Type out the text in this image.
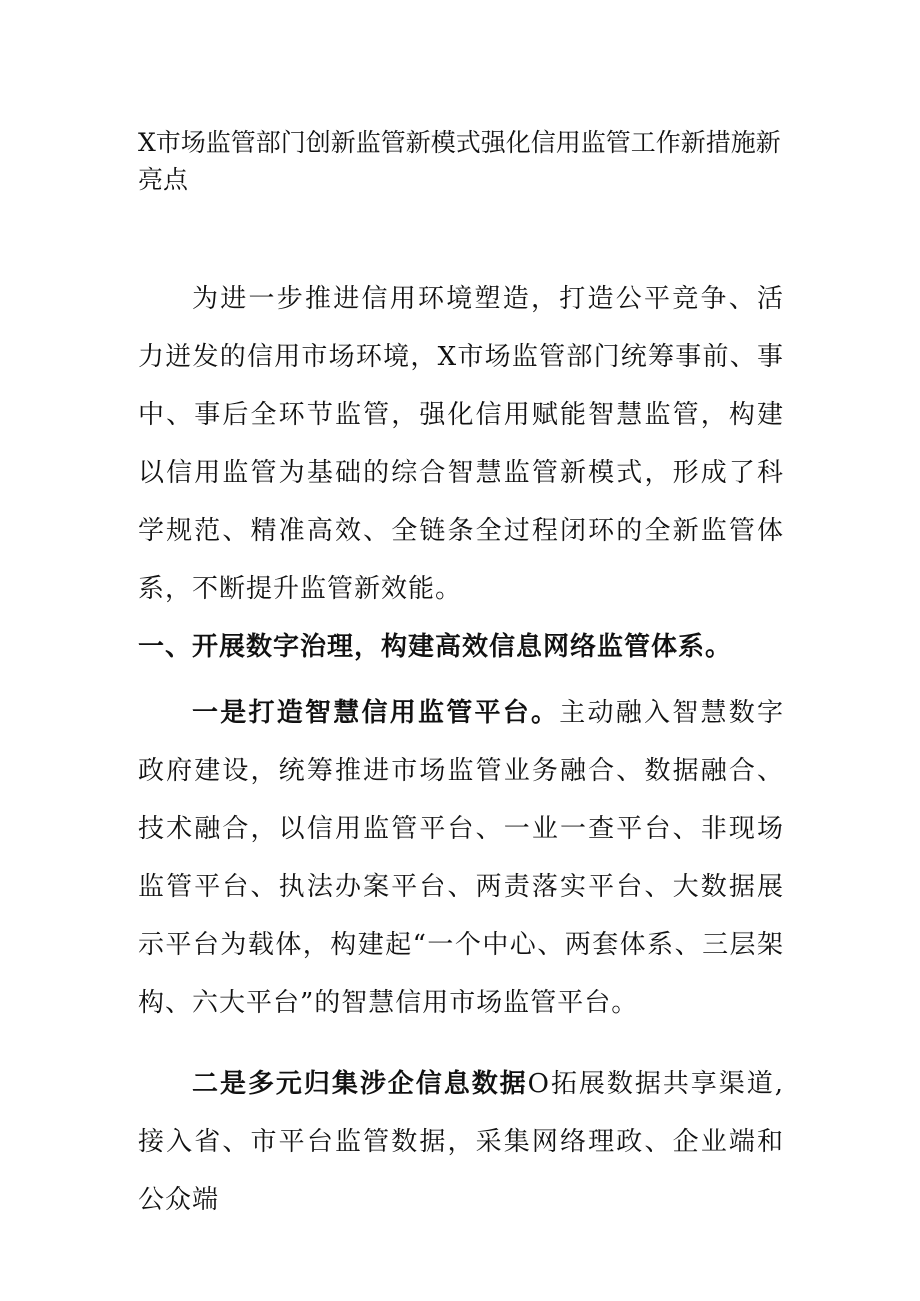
X市场监管部门创新监管新模式强化信用监管工作新措施新亮点

为进一步推进信用环境塑造，打造公平竞争、活力迸发的信用市场环境，X市场监管部门统筹事前、事中、事后全环节监管，强化信用赋能智慧监管，构建以信用监管为基础的综合智慧监管新模式，形成了科学规范、精准高效、全链条全过程闭环的全新监管体系，不断提升监管新效能。

一、开展数字治理，构建高效信息网络监管体系。

一是打造智慧信用监管平台。主动融入智慧数字政府建设，统筹推进市场监管业务融合、数据融合、技术融合，以信用监管平台、一业一查平台、非现场监管平台、执法办案平台、两责落实平台、大数据展示平台为载体，构建起“一个中心、两套体系、三层架构、六大平台”的智慧信用市场监管平台。

二是多元归集涉企信息数据O拓展数据共享渠道,接入省、市平台监管数据，采集网络理政、企业端和公众端
